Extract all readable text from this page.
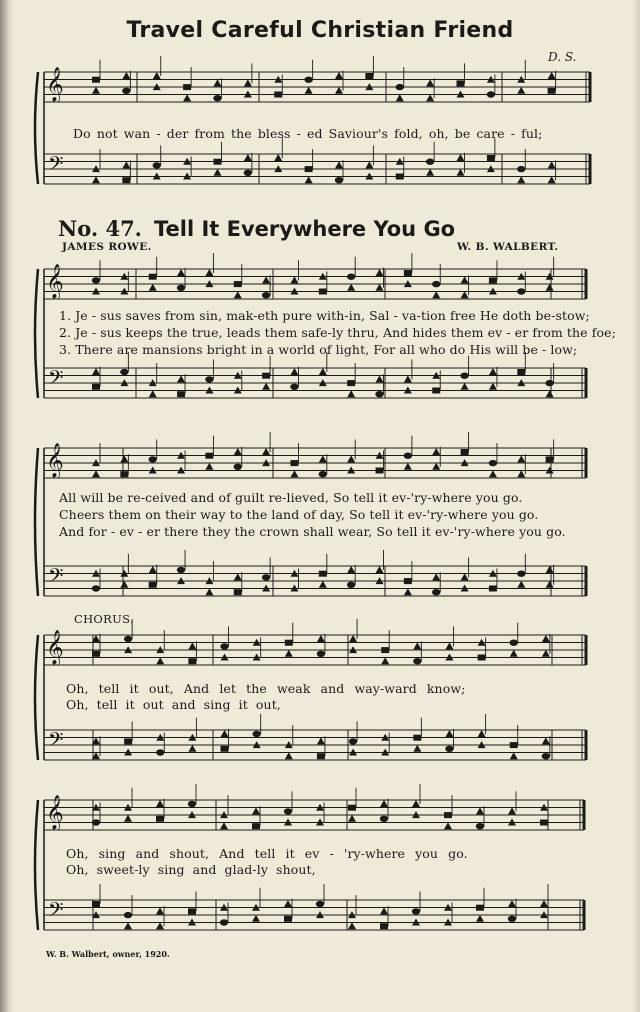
𝄞
𝄢
𝄞
𝄢
𝄞
𝄢
𝄞
𝄢
𝄞
𝄢
Travel Careful Christian Friend
D. S.
Do not wan - der from the bless - ed Saviour's fold, oh, be care - ful;
No. 47. Tell It Everywhere You Go
JAMES ROWE.	W. B. WALBERT.
1. Je - sus saves from sin, mak-eth pure with-in, Sal - va-tion free He doth be-stow;
2. Je - sus keeps the true, leads them safe-ly thru, And hides them ev - er from the foe;
3. There are mansions bright in a world of light, For all who do His will be - low;
All will be re-ceived and of guilt re-lieved, So tell it ev-'ry-where you go.
Cheers them on their way to the land of day, So tell it ev-'ry-where you go.
And for - ev - er there they the crown shall wear, So tell it ev-'ry-where you go.
CHORUS.
Oh, tell it out, And let the weak and way-ward know;
Oh, tell it out and sing it out,
Oh, sing and shout, And tell it ev - 'ry-where you go.
Oh, sweet-ly sing and glad-ly shout,
W. B. Walbert, owner, 1920.
